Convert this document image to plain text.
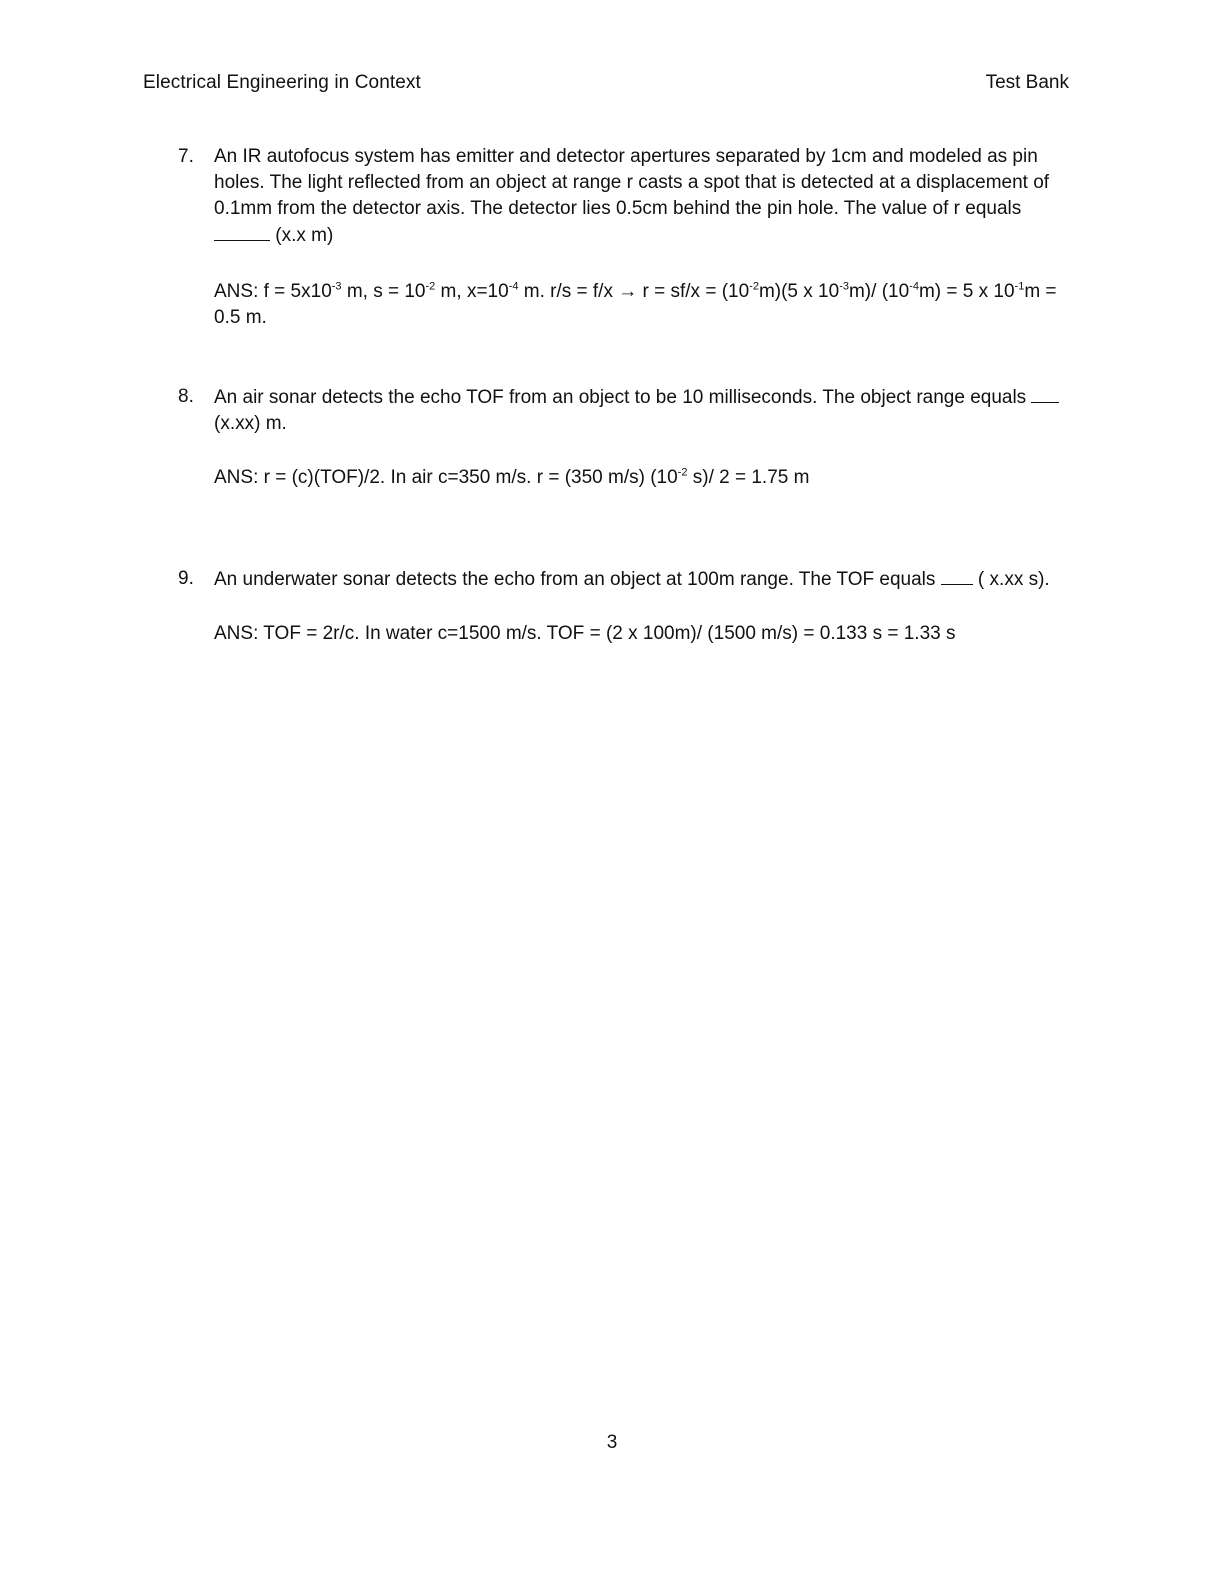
Electrical Engineering in Context	Test Bank
7.	An IR autofocus system has emitter and detector apertures separated by 1cm and modeled as pin holes. The light reflected from an object at range r casts a spot that is detected at a displacement of 0.1mm from the detector axis. The detector lies 0.5cm behind the pin hole. The value of r equals  (x.x m)
ANS: $f = 5x10^{-3}$ m, $s = 10^{-2}$ m, $x=10^{-4}$ m. $r/s = f/x \to r = sf/x = (10^{-2}m)(5$ x $10^{-3}m)/$ $(10^{-4}m) = 5$ x $10^{-1}m = 0.5$ m.
8.	An air sonar detects the echo TOF from an object to be 10 milliseconds. The object range equals (x.xx) m.
ANS: r = (c)(TOF)/2. In air c=350 m/s. r = (350 m/s) ($10^{-2}$ s)/ 2 = 1.75 m
9.	An underwater sonar detects the echo from an object at 100m range. The TOF equals  ( x.xx s).
ANS: TOF = 2r/c. In water c=1500 m/s. TOF = (2 x 100m)/ (1500 m/s) = 0.133 s = 1.33 s
3
